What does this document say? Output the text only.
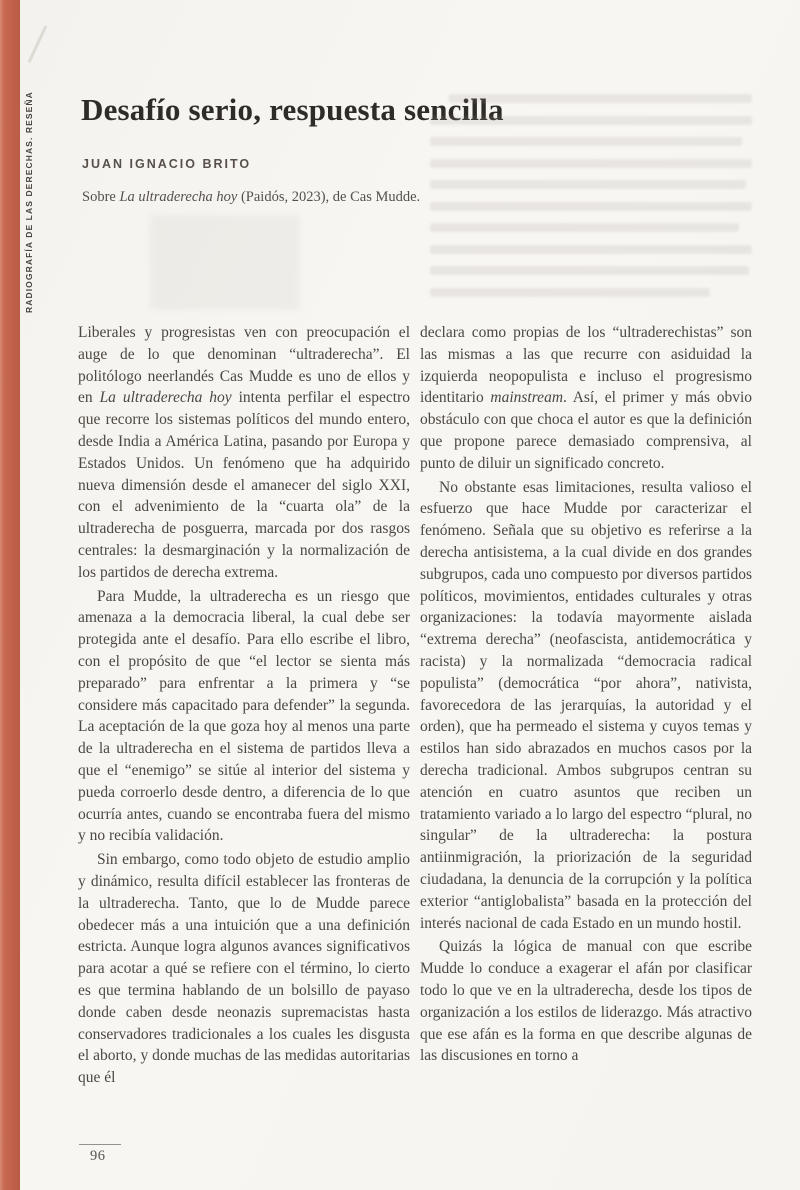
RADIOGRAFÍA DE LAS DERECHAS. RESEÑA Desafío serio, respuesta sencilla
JUAN IGNACIO BRITO
Sobre La ultraderecha hoy (Paidós, 2023), de Cas Mudde.

Liberales y progresistas ven con preocupación el auge de lo que denominan “ultraderecha”. El politólogo neerlandés Cas Mudde es uno de ellos y en La ultraderecha hoy intenta perfilar el espectro que recorre los sistemas políticos del mundo entero, desde India a América Latina, pasando por Europa y Estados Unidos. Un fenómeno que ha adquirido nueva dimensión desde el amanecer del siglo XXI, con el advenimiento de la “cuarta ola” de la ultraderecha de posguerra, marcada por dos rasgos centrales: la desmarginación y la normalización de los partidos de derecha extrema.

Para Mudde, la ultraderecha es un riesgo que amenaza a la democracia liberal, la cual debe ser protegida ante el desafío. Para ello escribe el libro, con el propósito de que “el lector se sienta más preparado” para enfrentar a la primera y “se considere más capacitado para defender” la segunda. La aceptación de la que goza hoy al menos una parte de la ultraderecha en el sistema de partidos lleva a que el “enemigo” se sitúe al interior del sistema y pueda corroerlo desde dentro, a diferencia de lo que ocurría antes, cuando se encontraba fuera del mismo y no recibía validación.

Sin embargo, como todo objeto de estudio amplio y dinámico, resulta difícil establecer las fronteras de la ultraderecha. Tanto, que lo de Mudde parece obedecer más a una intuición que a una definición estricta. Aunque logra algunos avances significativos para acotar a qué se refiere con el término, lo cierto es que termina hablando de un bolsillo de payaso donde caben desde neonazis supremacistas hasta conservadores tradicionales a los cuales les disgusta el aborto, y donde muchas de las medidas autoritarias que él

declara como propias de los “ultraderechistas” son las mismas a las que recurre con asiduidad la izquierda neopopulista e incluso el progresismo identitario mainstream. Así, el primer y más obvio obstáculo con que choca el autor es que la definición que propone parece demasiado comprensiva, al punto de diluir un significado concreto.

No obstante esas limitaciones, resulta valioso el esfuerzo que hace Mudde por caracterizar el fenómeno. Señala que su objetivo es referirse a la derecha antisistema, a la cual divide en dos grandes subgrupos, cada uno compuesto por diversos partidos políticos, movimientos, entidades culturales y otras organizaciones: la todavía mayormente aislada “extrema derecha” (neofascista, antidemocrática y racista) y la normalizada “democracia radical populista” (democrática “por ahora”, nativista, favorecedora de las jerarquías, la autoridad y el orden), que ha permeado el sistema y cuyos temas y estilos han sido abrazados en muchos casos por la derecha tradicional. Ambos subgrupos centran su atención en cuatro asuntos que reciben un tratamiento variado a lo largo del espectro “plural, no singular” de la ultraderecha: la postura antiinmigración, la priorización de la seguridad ciudadana, la denuncia de la corrupción y la política exterior “antiglobalista” basada en la protección del interés nacional de cada Estado en un mundo hostil.

Quizás la lógica de manual con que escribe Mudde lo conduce a exagerar el afán por clasificar todo lo que ve en la ultraderecha, desde los tipos de organización a los estilos de liderazgo. Más atractivo que ese afán es la forma en que describe algunas de las discusiones en torno a

96
